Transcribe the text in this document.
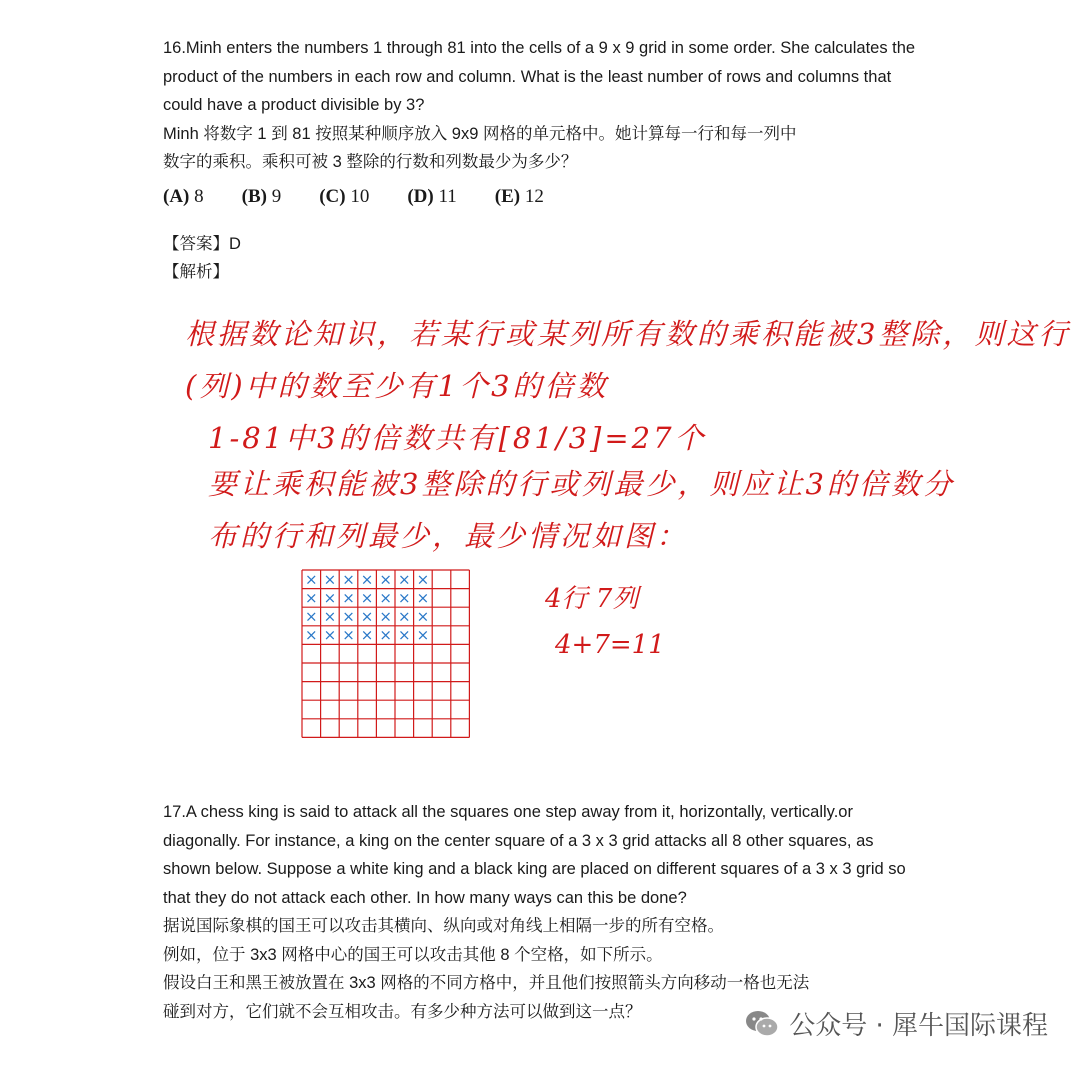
16.Minh enters the numbers 1 through 81 into the cells of a 9 x 9 grid in some order. She calculates the product of the numbers in each row and column. What is the least number of rows and columns that could have a product divisible by 3?

Minh 将数字 1 到 81 按照某种顺序放入 9x9 网格的单元格中。她计算每一行和每一列中

数字的乘积。乘积可被 3 整除的行数和列数最少为多少？

(A) 8 (B) 9 (C) 10 (D) 11 (E) 12
【答案】D
【解析】
根据数论知识，若某行或某列所有数的乘积能被3整除，则这行
(列)中的数至少有1个3的倍数
1-81中3的倍数共有[81/3]=27个
要让乘积能被3整除的行或列最少，则应让3的倍数分
布的行和列最少，最少情况如图：
× × × × × × ×
× × × × × × ×
× × × × × × ×
× × × × × × ×
4行 7列
4+7=11

17.A chess king is said to attack all the squares one step away from it, horizontally, vertically.or diagonally. For instance, a king on the center square of a 3 x 3 grid attacks all 8 other squares, as shown below. Suppose a white king and a black king are placed on different squares of a 3 x 3 grid so that they do not attack each other. In how many ways can this be done?

据说国际象棋的国王可以攻击其横向、纵向或对角线上相隔一步的所有空格。

例如，位于 3x3 网格中心的国王可以攻击其他 8 个空格，如下所示。

假设白王和黑王被放置在 3x3 网格的不同方格中，并且他们按照箭头方向移动一格也无法

碰到对方，它们就不会互相攻击。有多少种方法可以做到这一点？	公众号 · 犀牛国际课程
